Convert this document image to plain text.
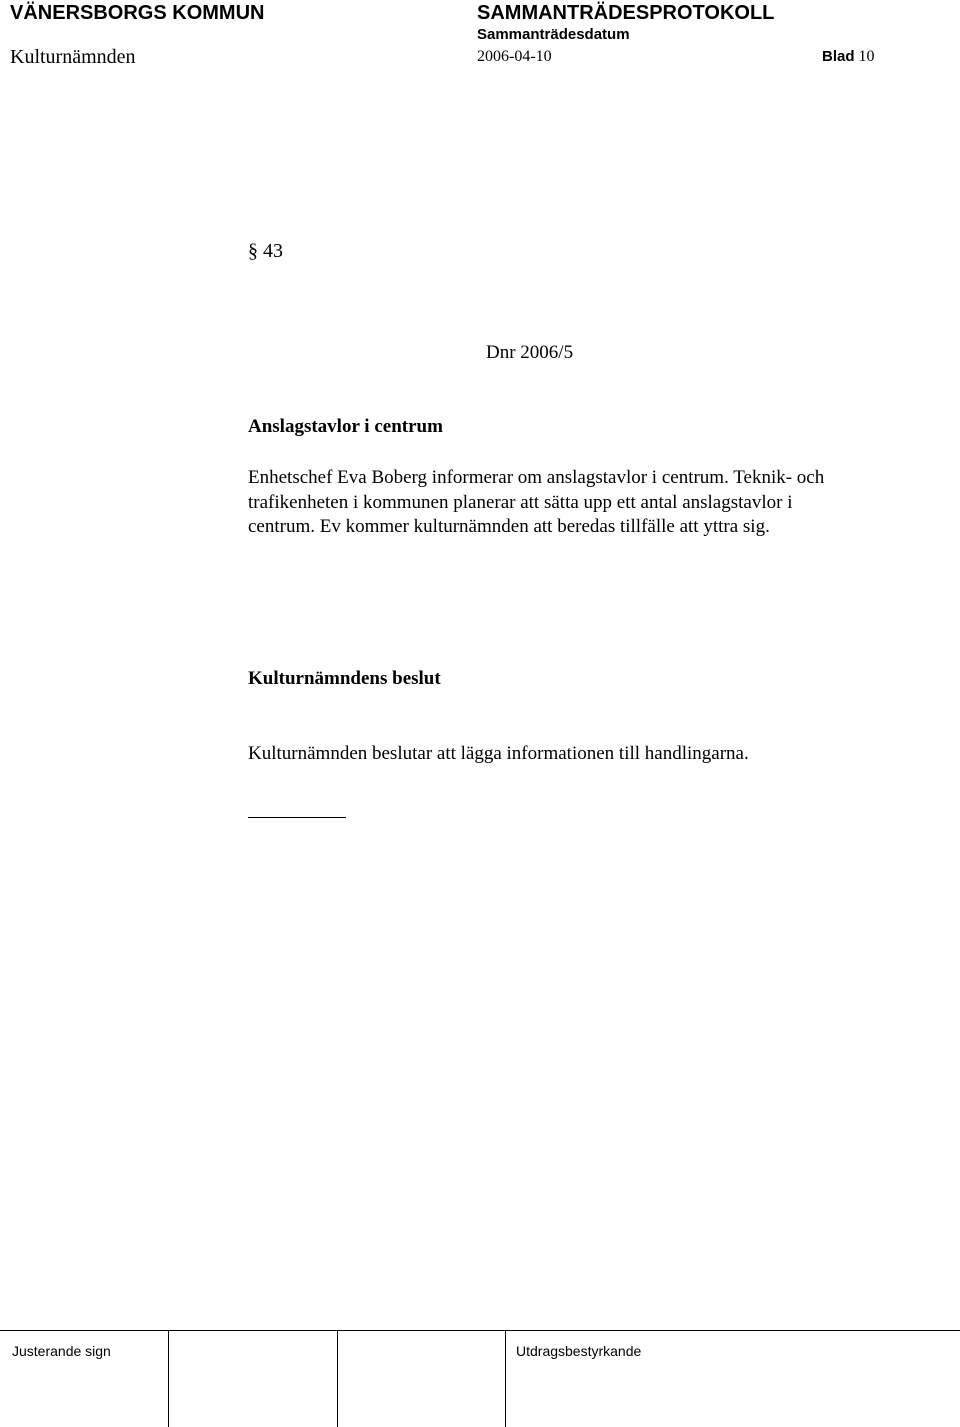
VÄNERSBORGS KOMMUN	SAMMANTRÄDESPROTOKOLL
Sammanträdesdatum
Kulturnämnden	2006-04-10	Blad 10
§ 43
Dnr 2006/5
Anslagstavlor i centrum
Enhetschef Eva Boberg informerar om anslagstavlor i centrum. Teknik- och
trafikenheten i kommunen planerar att sätta upp ett antal anslagstavlor i
centrum. Ev kommer kulturnämnden att beredas tillfälle att yttra sig.
Kulturnämndens beslut
Kulturnämnden beslutar att lägga informationen till handlingarna.
Justerande sign	Utdragsbestyrkande
